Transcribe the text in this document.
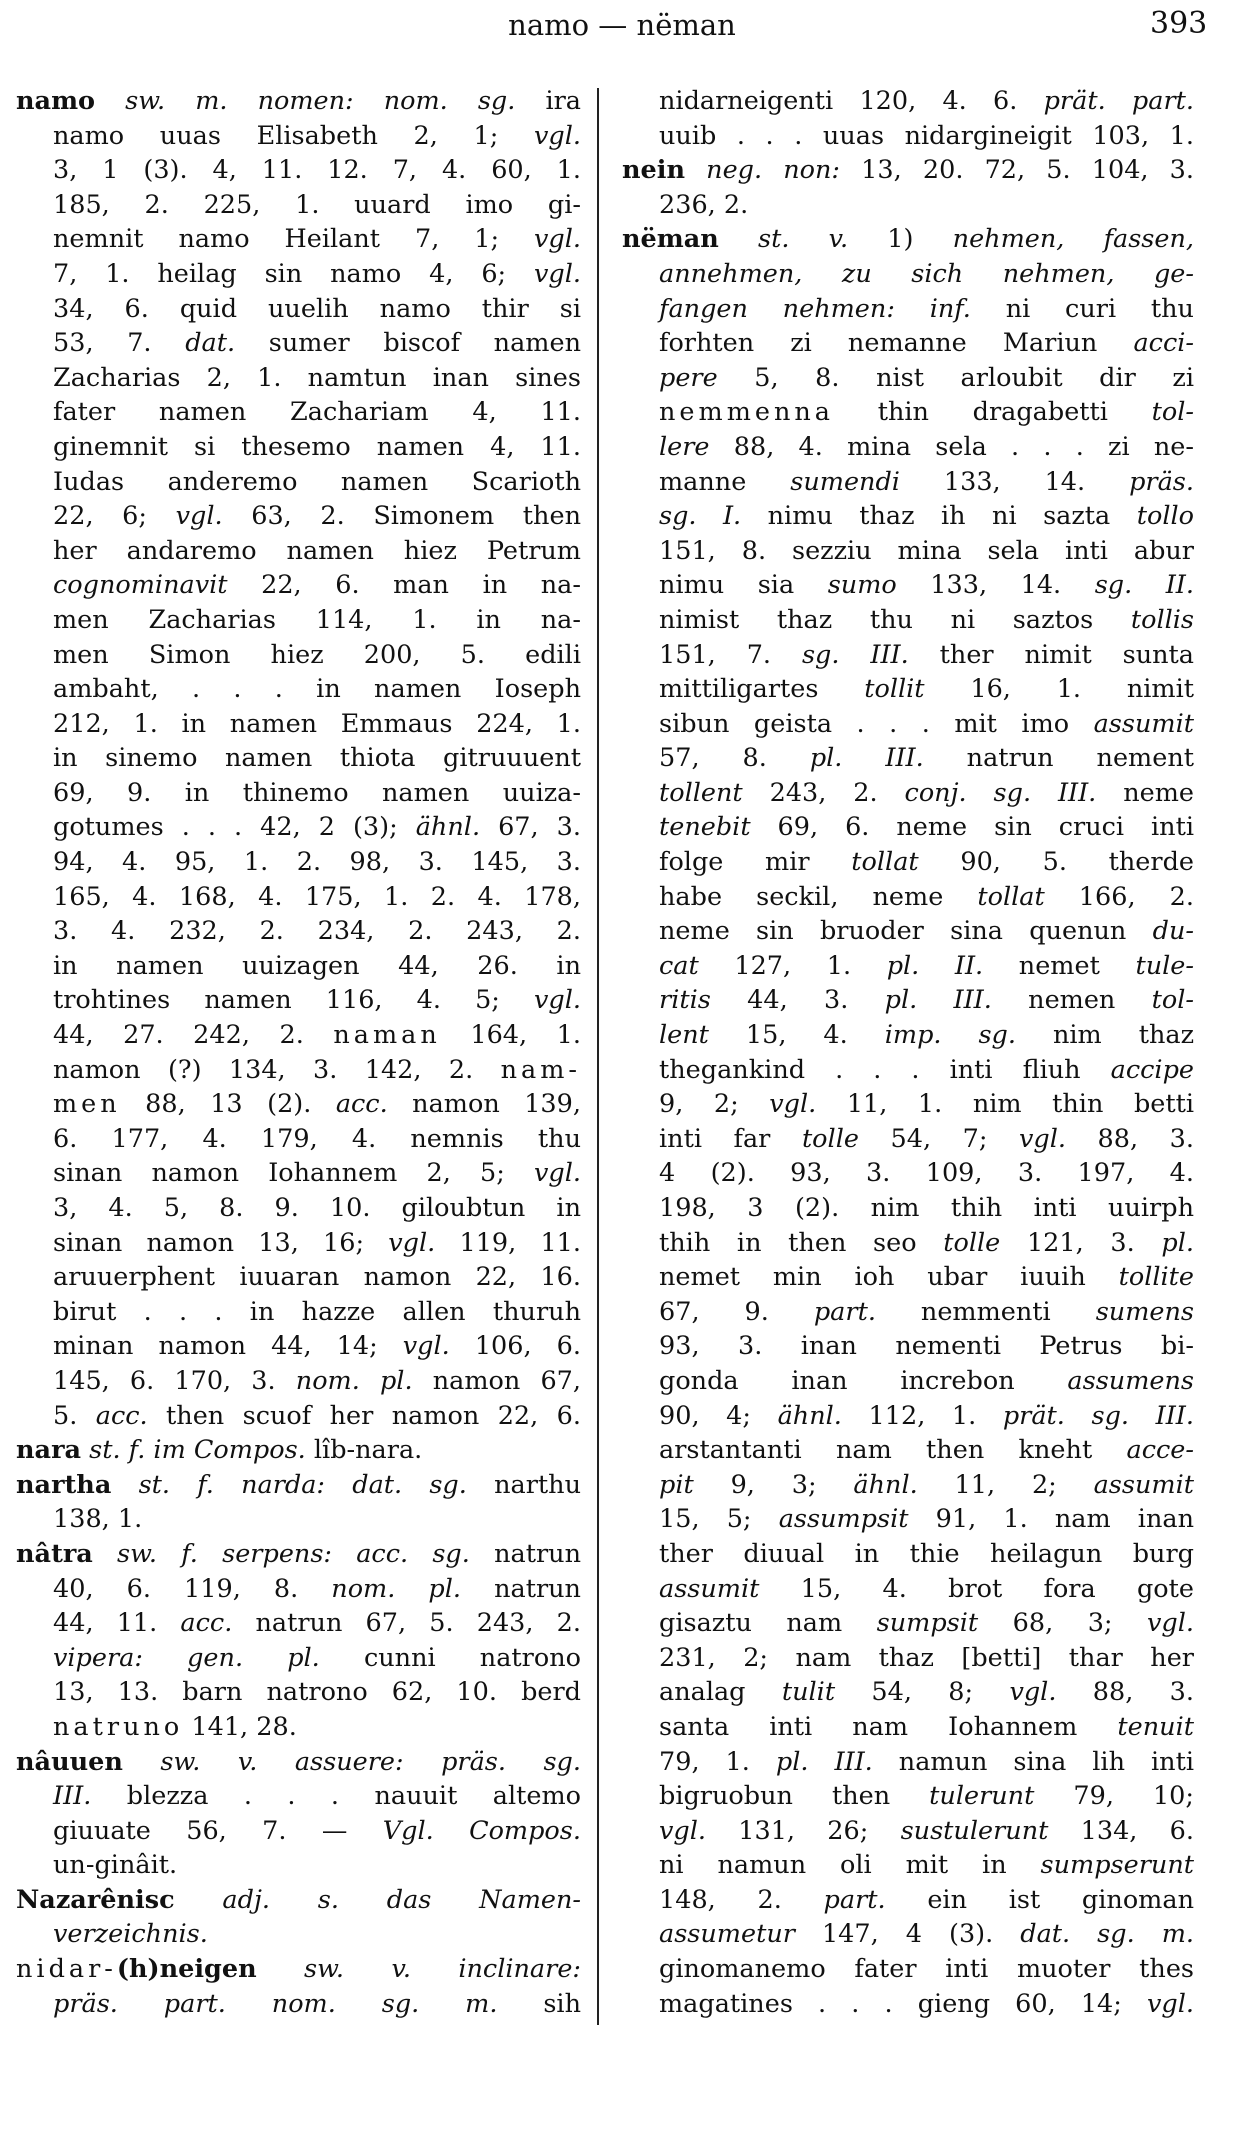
namo — nëman	393
namo sw. m. nomen: nom. sg. ira
namo uuas Elisabeth 2, 1; vgl.
3, 1 (3). 4, 11. 12. 7, 4. 60, 1.
185, 2. 225, 1. uuard imo gi-
nemnit namo Heilant 7, 1; vgl.
7, 1. heilag sin namo 4, 6; vgl.
34, 6. quid uuelih namo thir si
53, 7. dat. sumer biscof namen
Zacharias 2, 1. namtun inan sines
fater namen Zachariam 4, 11.
ginemnit si thesemo namen 4, 11.
Iudas anderemo namen Scarioth
22, 6; vgl. 63, 2. Simonem then
her andaremo namen hiez Petrum
cognominavit 22, 6. man in na-
men Zacharias 114, 1. in na-
men Simon hiez 200, 5. edili
ambaht, . . . in namen Ioseph
212, 1. in namen Emmaus 224, 1.
in sinemo namen thiota gitruuuent
69, 9. in thinemo namen uuiza-
gotumes . . . 42, 2 (3); ähnl. 67, 3.
94, 4. 95, 1. 2. 98, 3. 145, 3.
165, 4. 168, 4. 175, 1. 2. 4. 178,
3. 4. 232, 2. 234, 2. 243, 2.
in namen uuizagen 44, 26. in
trohtines namen 116, 4. 5; vgl.
44, 27. 242, 2. naman 164, 1.
namon (?) 134, 3. 142, 2. nam-
men 88, 13 (2). acc. namon 139,
6. 177, 4. 179, 4. nemnis thu
sinan namon Iohannem 2, 5; vgl.
3, 4. 5, 8. 9. 10. giloubtun in
sinan namon 13, 16; vgl. 119, 11.
aruuerphent iuuaran namon 22, 16.
birut . . . in hazze allen thuruh
minan namon 44, 14; vgl. 106, 6.
145, 6. 170, 3. nom. pl. namon 67,
5. acc. then scuof her namon 22, 6.
nara st. f. im Compos. lîb-nara.
nartha st. f. narda: dat. sg. narthu
138, 1.
nâtra sw. f. serpens: acc. sg. natrun
40, 6. 119, 8. nom. pl. natrun
44, 11. acc. natrun 67, 5. 243, 2.
vipera: gen. pl. cunni natrono
13, 13. barn natrono 62, 10. berd
natruno 141, 28.
nâuuen sw. v. assuere: präs. sg.
III. blezza . . . nauuit altemo
giuuate 56, 7. — Vgl. Compos.
un-ginâit.
Nazarênisc adj. s. das Namen-
verzeichnis.
nidar-(h)neigen sw. v. inclinare:
präs. part. nom. sg. m. sih
nidarneigenti 120, 4. 6. prät. part.
uuib . . . uuas nidargineigit 103, 1.
nein neg. non: 13, 20. 72, 5. 104, 3.
236, 2.
nëman st. v. 1) nehmen, fassen,
annehmen, zu sich nehmen, ge-
fangen nehmen: inf. ni curi thu
forhten zi nemanne Mariun acci-
pere 5, 8. nist arloubit dir zi
nemmenna thin dragabetti tol-
lere 88, 4. mina sela . . . zi ne-
manne sumendi 133, 14. präs.
sg. I. nimu thaz ih ni sazta tollo
151, 8. sezziu mina sela inti abur
nimu sia sumo 133, 14. sg. II.
nimist thaz thu ni saztos tollis
151, 7. sg. III. ther nimit sunta
mittiligartes tollit 16, 1. nimit
sibun geista . . . mit imo assumit
57, 8. pl. III. natrun nement
tollent 243, 2. conj. sg. III. neme
tenebit 69, 6. neme sin cruci inti
folge mir tollat 90, 5. therde
habe seckil, neme tollat 166, 2.
neme sin bruoder sina quenun du-
cat 127, 1. pl. II. nemet tule-
ritis 44, 3. pl. III. nemen tol-
lent 15, 4. imp. sg. nim thaz
thegankind . . . inti fliuh accipe
9, 2; vgl. 11, 1. nim thin betti
inti far tolle 54, 7; vgl. 88, 3.
4 (2). 93, 3. 109, 3. 197, 4.
198, 3 (2). nim thih inti uuirph
thih in then seo tolle 121, 3. pl.
nemet min ioh ubar iuuih tollite
67, 9. part. nemmenti sumens
93, 3. inan nementi Petrus bi-
gonda inan increbon assumens
90, 4; ähnl. 112, 1. prät. sg. III.
arstantanti nam then kneht acce-
pit 9, 3; ähnl. 11, 2; assumit
15, 5; assumpsit 91, 1. nam inan
ther diuual in thie heilagun burg
assumit 15, 4. brot fora gote
gisaztu nam sumpsit 68, 3; vgl.
231, 2; nam thaz [betti] thar her
analag tulit 54, 8; vgl. 88, 3.
santa inti nam Iohannem tenuit
79, 1. pl. III. namun sina lih inti
bigruobun then tulerunt 79, 10;
vgl. 131, 26; sustulerunt 134, 6.
ni namun oli mit in sumpserunt
148, 2. part. ein ist ginoman
assumetur 147, 4 (3). dat. sg. m.
ginomanemo fater inti muoter thes
magatines . . . gieng 60, 14; vgl.
